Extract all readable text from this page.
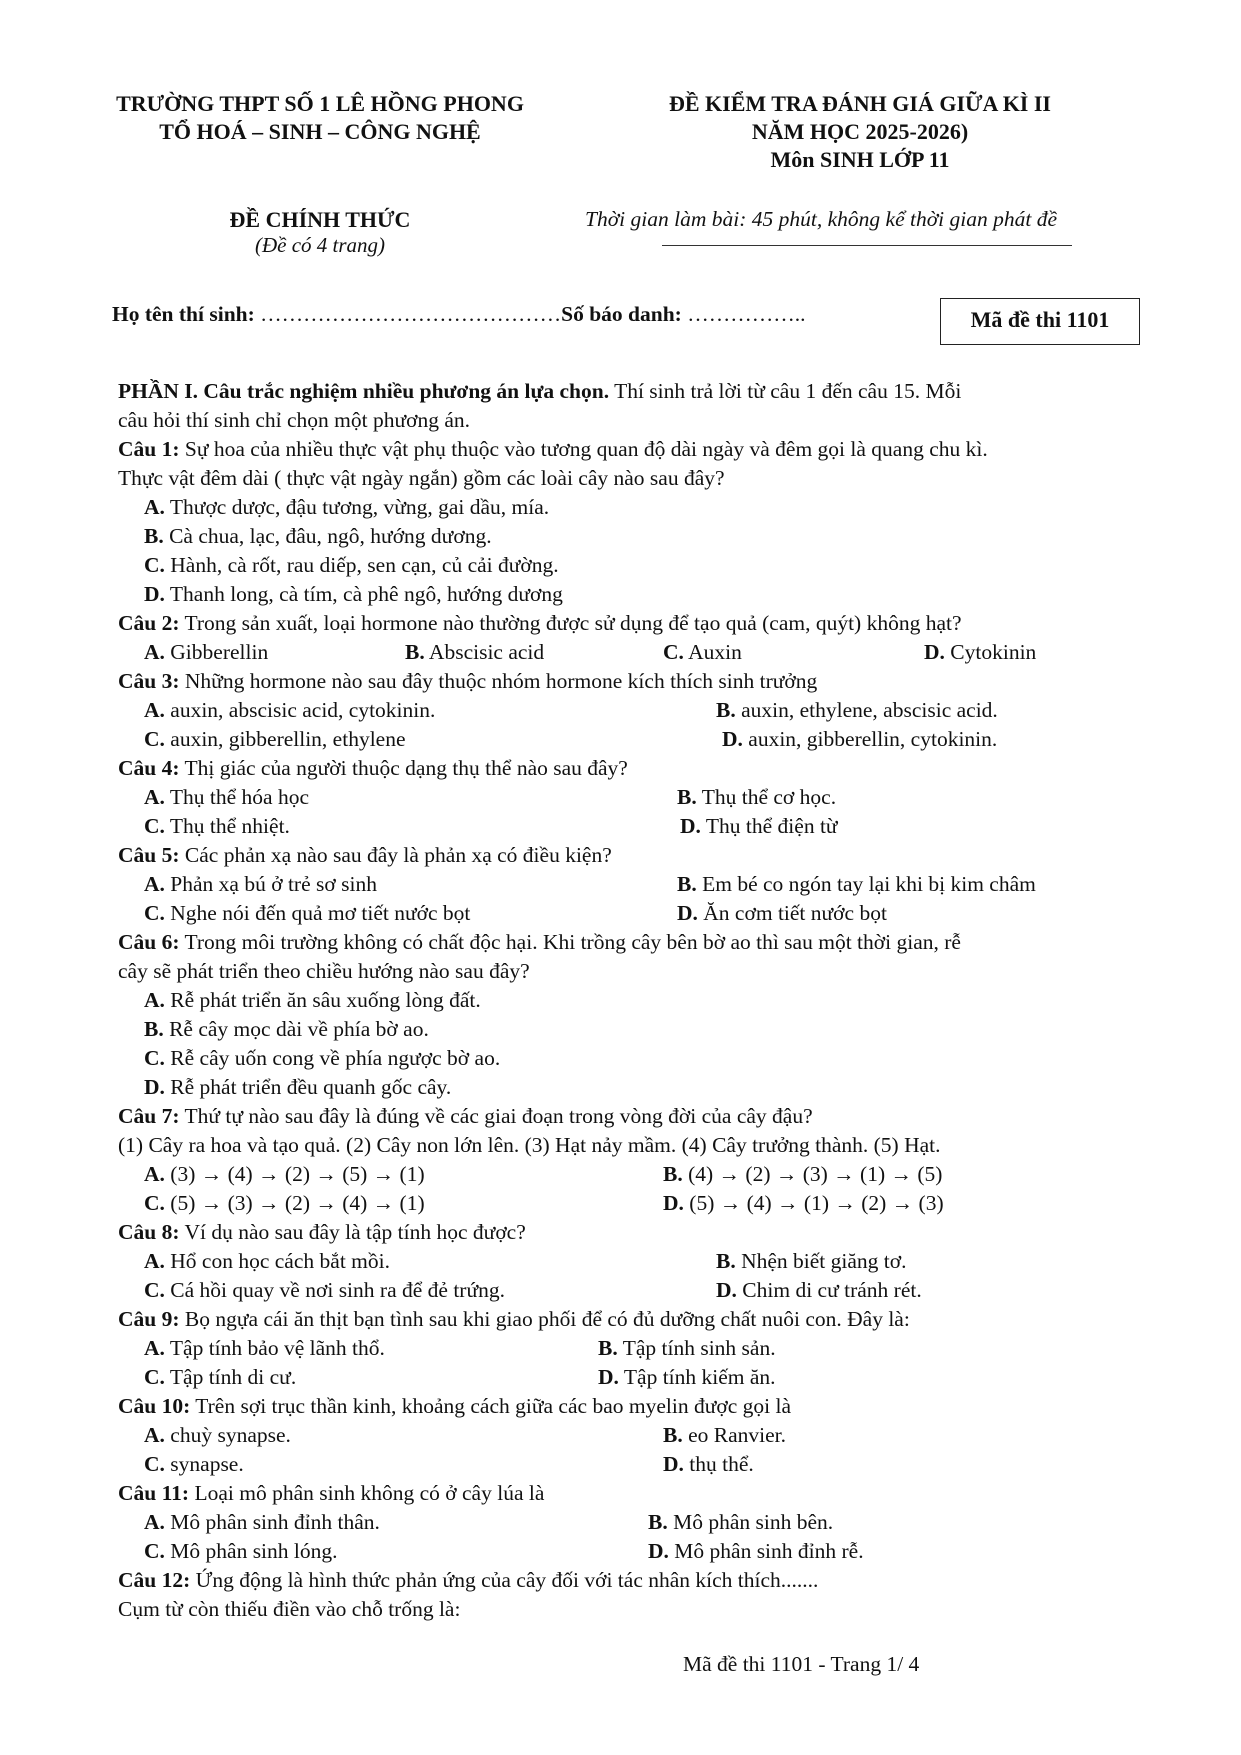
TRƯỜNG THPT SỐ 1 LÊ HỒNG PHONG
TỔ HOÁ – SINH – CÔNG NGHỆ
ĐỀ KIỂM TRA ĐÁNH GIÁ GIỮA KÌ II
NĂM HỌC 2025-2026)
Môn SINH LỚP 11
ĐỀ CHÍNH THỨC
(Đề có 4 trang)
Thời gian làm bài: 45 phút, không kể thời gian phát đề
Họ tên thí sinh: ……………………………………Số báo danh: ……………..	Mã đề thi 1101
PHẦN I. Câu trắc nghiệm nhiều phương án lựa chọn. Thí sinh trả lời từ câu 1 đến câu 15. Mỗi
câu hỏi thí sinh chỉ chọn một phương án.
Câu 1: Sự hoa của nhiều thực vật phụ thuộc vào tương quan độ dài ngày và đêm gọi là quang chu kì.
Thực vật đêm dài ( thực vật ngày ngắn) gồm các loài cây nào sau đây?
A. Thược dược, đậu tương, vừng, gai dầu, mía.
B. Cà chua, lạc, đâu, ngô, hướng dương.
C. Hành, cà rốt, rau diếp, sen cạn, củ cải đường.
D. Thanh long, cà tím, cà phê ngô, hướng dương
Câu 2: Trong sản xuất, loại hormone nào thường được sử dụng để tạo quả (cam, quýt) không hạt?
A. Gibberellin	B. Abscisic acid	C. Auxin	D. Cytokinin
Câu 3: Những hormone nào sau đây thuộc nhóm hormone kích thích sinh trưởng
A. auxin, abscisic acid, cytokinin.	B. auxin, ethylene, abscisic acid.
C. auxin, gibberellin, ethylene	D. auxin, gibberellin, cytokinin.
Câu 4: Thị giác của người thuộc dạng thụ thể nào sau đây?
A. Thụ thể hóa học	B. Thụ thể cơ học.
C. Thụ thể nhiệt.	D. Thụ thể điện từ
Câu 5: Các phản xạ nào sau đây là phản xạ có điều kiện?
A. Phản xạ bú ở trẻ sơ sinh	B. Em bé co ngón tay lại khi bị kim châm
C. Nghe nói đến quả mơ tiết nước bọt	D. Ăn cơm tiết nước bọt
Câu 6: Trong môi trường không có chất độc hại. Khi trồng cây bên bờ ao thì sau một thời gian, rễ
cây sẽ phát triển theo chiều hướng nào sau đây?
A. Rễ phát triển ăn sâu xuống lòng đất.
B. Rễ cây mọc dài về phía bờ ao.
C. Rễ cây uốn cong về phía ngược bờ ao.
D. Rễ phát triển đều quanh gốc cây.
Câu 7: Thứ tự nào sau đây là đúng về các giai đoạn trong vòng đời của cây đậu?
(1) Cây ra hoa và tạo quả. (2) Cây non lớn lên. (3) Hạt nảy mầm. (4) Cây trưởng thành. (5) Hạt.
A. (3) → (4) → (2) → (5) → (1)	B. (4) → (2) → (3) → (1) → (5)
C. (5) → (3) → (2) → (4) → (1)	D. (5) → (4) → (1) → (2) → (3)
Câu 8: Ví dụ nào sau đây là tập tính học được?
A. Hổ con học cách bắt mồi.	B. Nhện biết giăng tơ.
C. Cá hồi quay về nơi sinh ra để đẻ trứng.	D. Chim di cư tránh rét.
Câu 9: Bọ ngựa cái ăn thịt bạn tình sau khi giao phối để có đủ dưỡng chất nuôi con. Đây là:
A. Tập tính bảo vệ lãnh thổ.	B. Tập tính sinh sản.
C. Tập tính di cư.	D. Tập tính kiếm ăn.
Câu 10: Trên sợi trục thần kinh, khoảng cách giữa các bao myelin được gọi là
A. chuỳ synapse.	B. eo Ranvier.
C. synapse.	D. thụ thể.
Câu 11: Loại mô phân sinh không có ở cây lúa là
A. Mô phân sinh đỉnh thân.	B. Mô phân sinh bên.
C. Mô phân sinh lóng.	D. Mô phân sinh đỉnh rễ.
Câu 12: Ứng động là hình thức phản ứng của cây đối với tác nhân kích thích.......
Cụm từ còn thiếu điền vào chỗ trống là:
Mã đề thi 1101 - Trang 1/ 4
